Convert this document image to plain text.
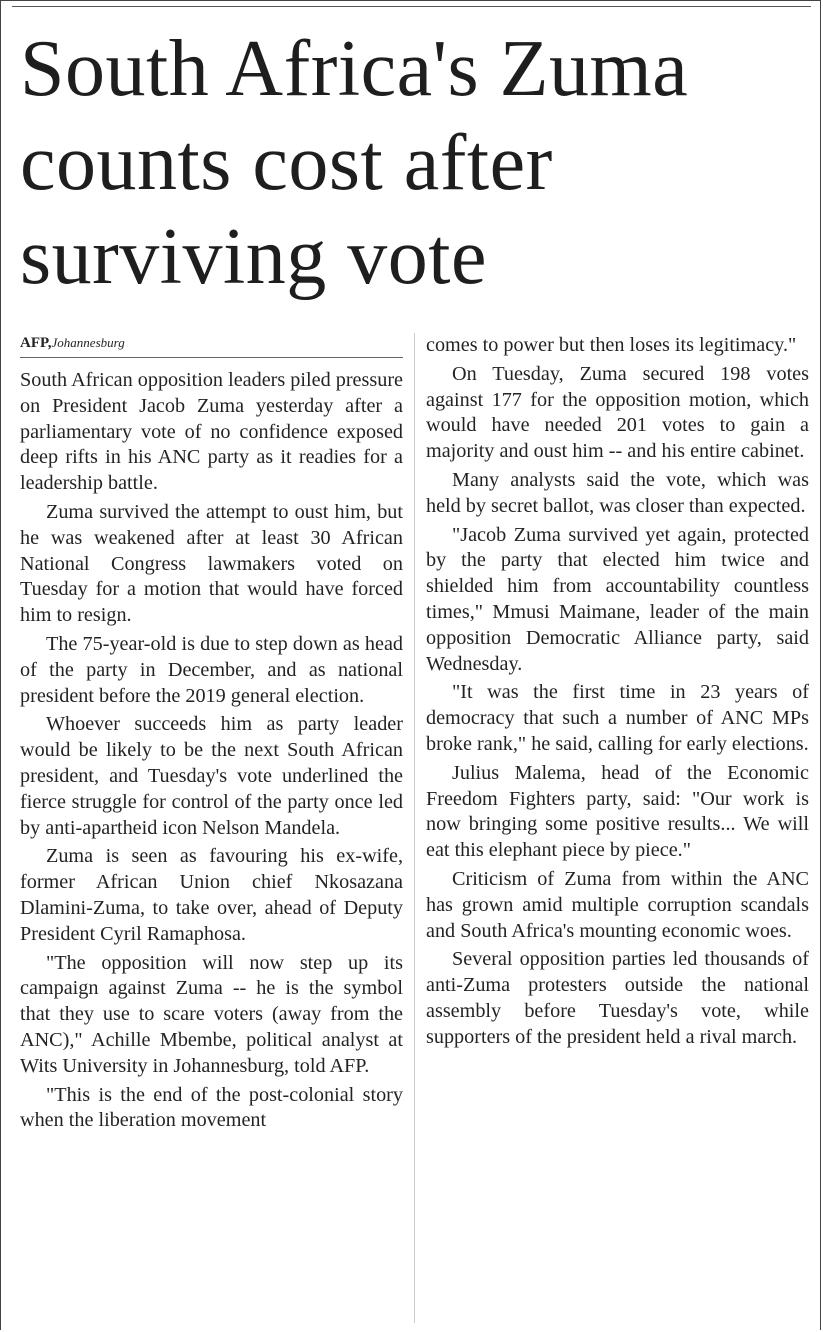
South Africa's Zuma counts cost after surviving vote
AFP,Johannesburg

South African opposition leaders piled pressure on President Jacob Zuma yesterday after a parliamentary vote of no confidence exposed deep rifts in his ANC party as it readies for a leadership battle.

Zuma survived the attempt to oust him, but he was weakened after at least 30 African National Congress lawmakers voted on Tuesday for a motion that would have forced him to resign.

The 75-year-old is due to step down as head of the party in December, and as national president before the 2019 general election.

Whoever succeeds him as party leader would be likely to be the next South African president, and Tuesday's vote underlined the fierce struggle for control of the party once led by anti-apartheid icon Nelson Mandela.

Zuma is seen as favouring his ex-wife, former African Union chief Nkosazana Dlamini-Zuma, to take over, ahead of Deputy President Cyril Ramaphosa.

"The opposition will now step up its campaign against Zuma -- he is the symbol that they use to scare voters (away from the ANC)," Achille Mbembe, political analyst at Wits University in Johannesburg, told AFP.

"This is the end of the post-colonial story when the liberation movement

comes to power but then loses its legitimacy."

On Tuesday, Zuma secured 198 votes against 177 for the opposition motion, which would have needed 201 votes to gain a majority and oust him -- and his entire cabinet.

Many analysts said the vote, which was held by secret ballot, was closer than expected.

"Jacob Zuma survived yet again, protected by the party that elected him twice and shielded him from accountability countless times," Mmusi Maimane, leader of the main opposition Democratic Alliance party, said Wednesday.

"It was the first time in 23 years of democracy that such a number of ANC MPs broke rank," he said, calling for early elections.

Julius Malema, head of the Economic Freedom Fighters party, said: "Our work is now bringing some positive results... We will eat this elephant piece by piece."

Criticism of Zuma from within the ANC has grown amid multiple corruption scandals and South Africa's mounting economic woes.

Several opposition parties led thousands of anti-Zuma protesters outside the national assembly before Tuesday's vote, while supporters of the president held a rival march.
